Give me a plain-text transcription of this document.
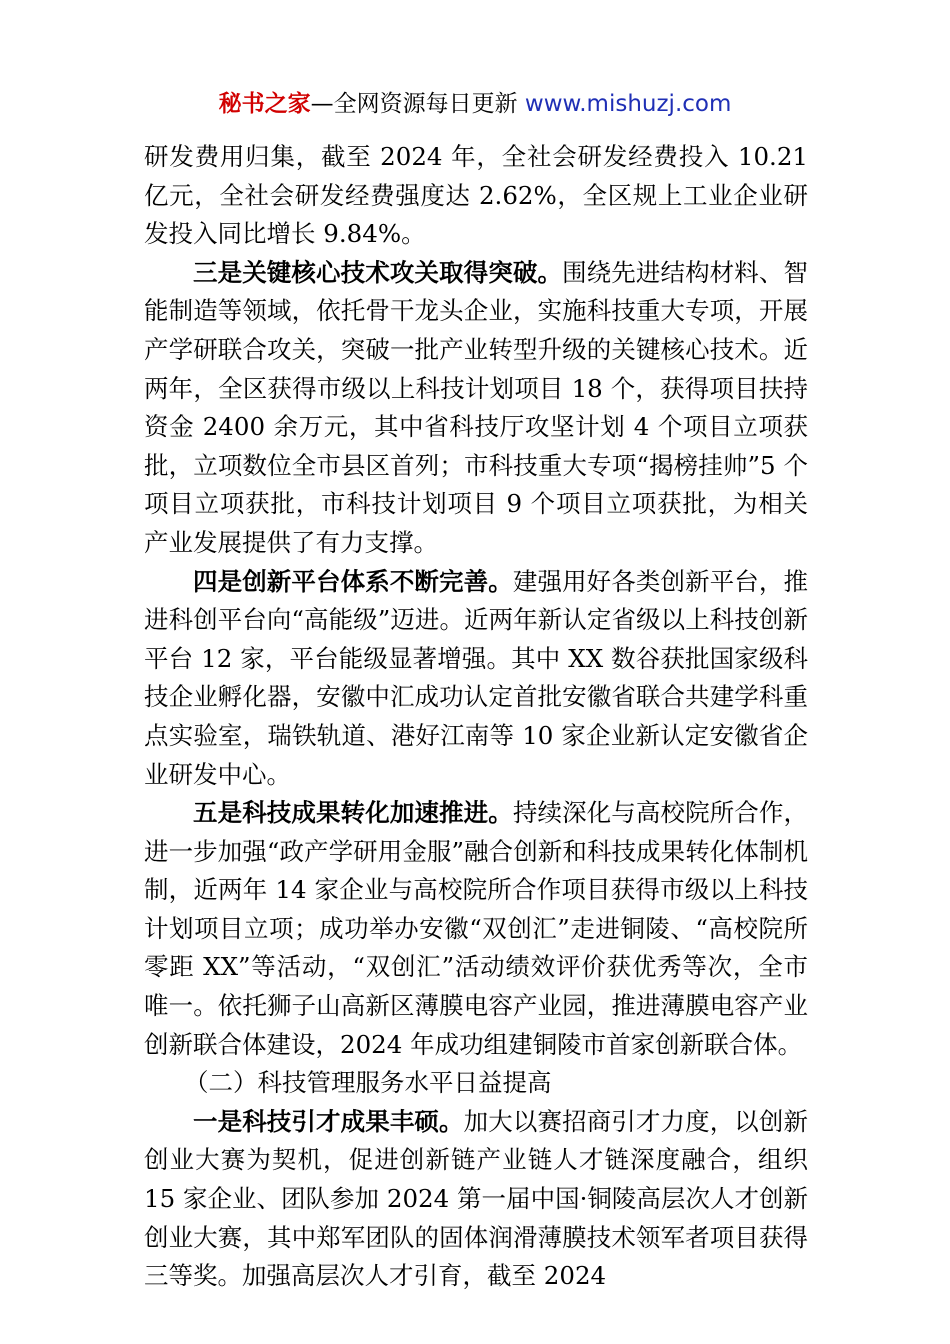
秘书之家—全网资源每日更新 www.mishuzj.com

研发费用归集，截至 2024 年，全社会研发经费投入 10.21 亿元，全社会研发经费强度达 2.62%，全区规上工业企业研发投入同比增长 9.84%。

三是关键核心技术攻关取得突破。围绕先进结构材料、智能制造等领域，依托骨干龙头企业，实施科技重大专项，开展产学研联合攻关，突破一批产业转型升级的关键核心技术。近两年，全区获得市级以上科技计划项目 18 个，获得项目扶持资金 2400 余万元，其中省科技厅攻坚计划 4 个项目立项获批，立项数位全市县区首列；市科技重大专项“揭榜挂帅”5 个项目立项获批，市科技计划项目 9 个项目立项获批，为相关产业发展提供了有力支撑。

四是创新平台体系不断完善。建强用好各类创新平台，推进科创平台向“高能级”迈进。近两年新认定省级以上科技创新平台 12 家，平台能级显著增强。其中 XX 数谷获批国家级科技企业孵化器，安徽中汇成功认定首批安徽省联合共建学科重点实验室，瑞铁轨道、港好江南等 10 家企业新认定安徽省企业研发中心。

五是科技成果转化加速推进。持续深化与高校院所合作，进一步加强“政产学研用金服”融合创新和科技成果转化体制机制，近两年 14 家企业与高校院所合作项目获得市级以上科技计划项目立项；成功举办安徽“双创汇”走进铜陵、“高校院所零距 XX”等活动，“双创汇”活动绩效评价获优秀等次，全市唯一。依托狮子山高新区薄膜电容产业园，推进薄膜电容产业创新联合体建设，2024 年成功组建铜陵市首家创新联合体。

（二）科技管理服务水平日益提高

一是科技引才成果丰硕。加大以赛招商引才力度，以创新创业大赛为契机，促进创新链产业链人才链深度融合，组织 15 家企业、团队参加 2024 第一届中国·铜陵高层次人才创新创业大赛，其中郑军团队的固体润滑薄膜技术领军者项目获得三等奖。加强高层次人才引育，截至 2024
